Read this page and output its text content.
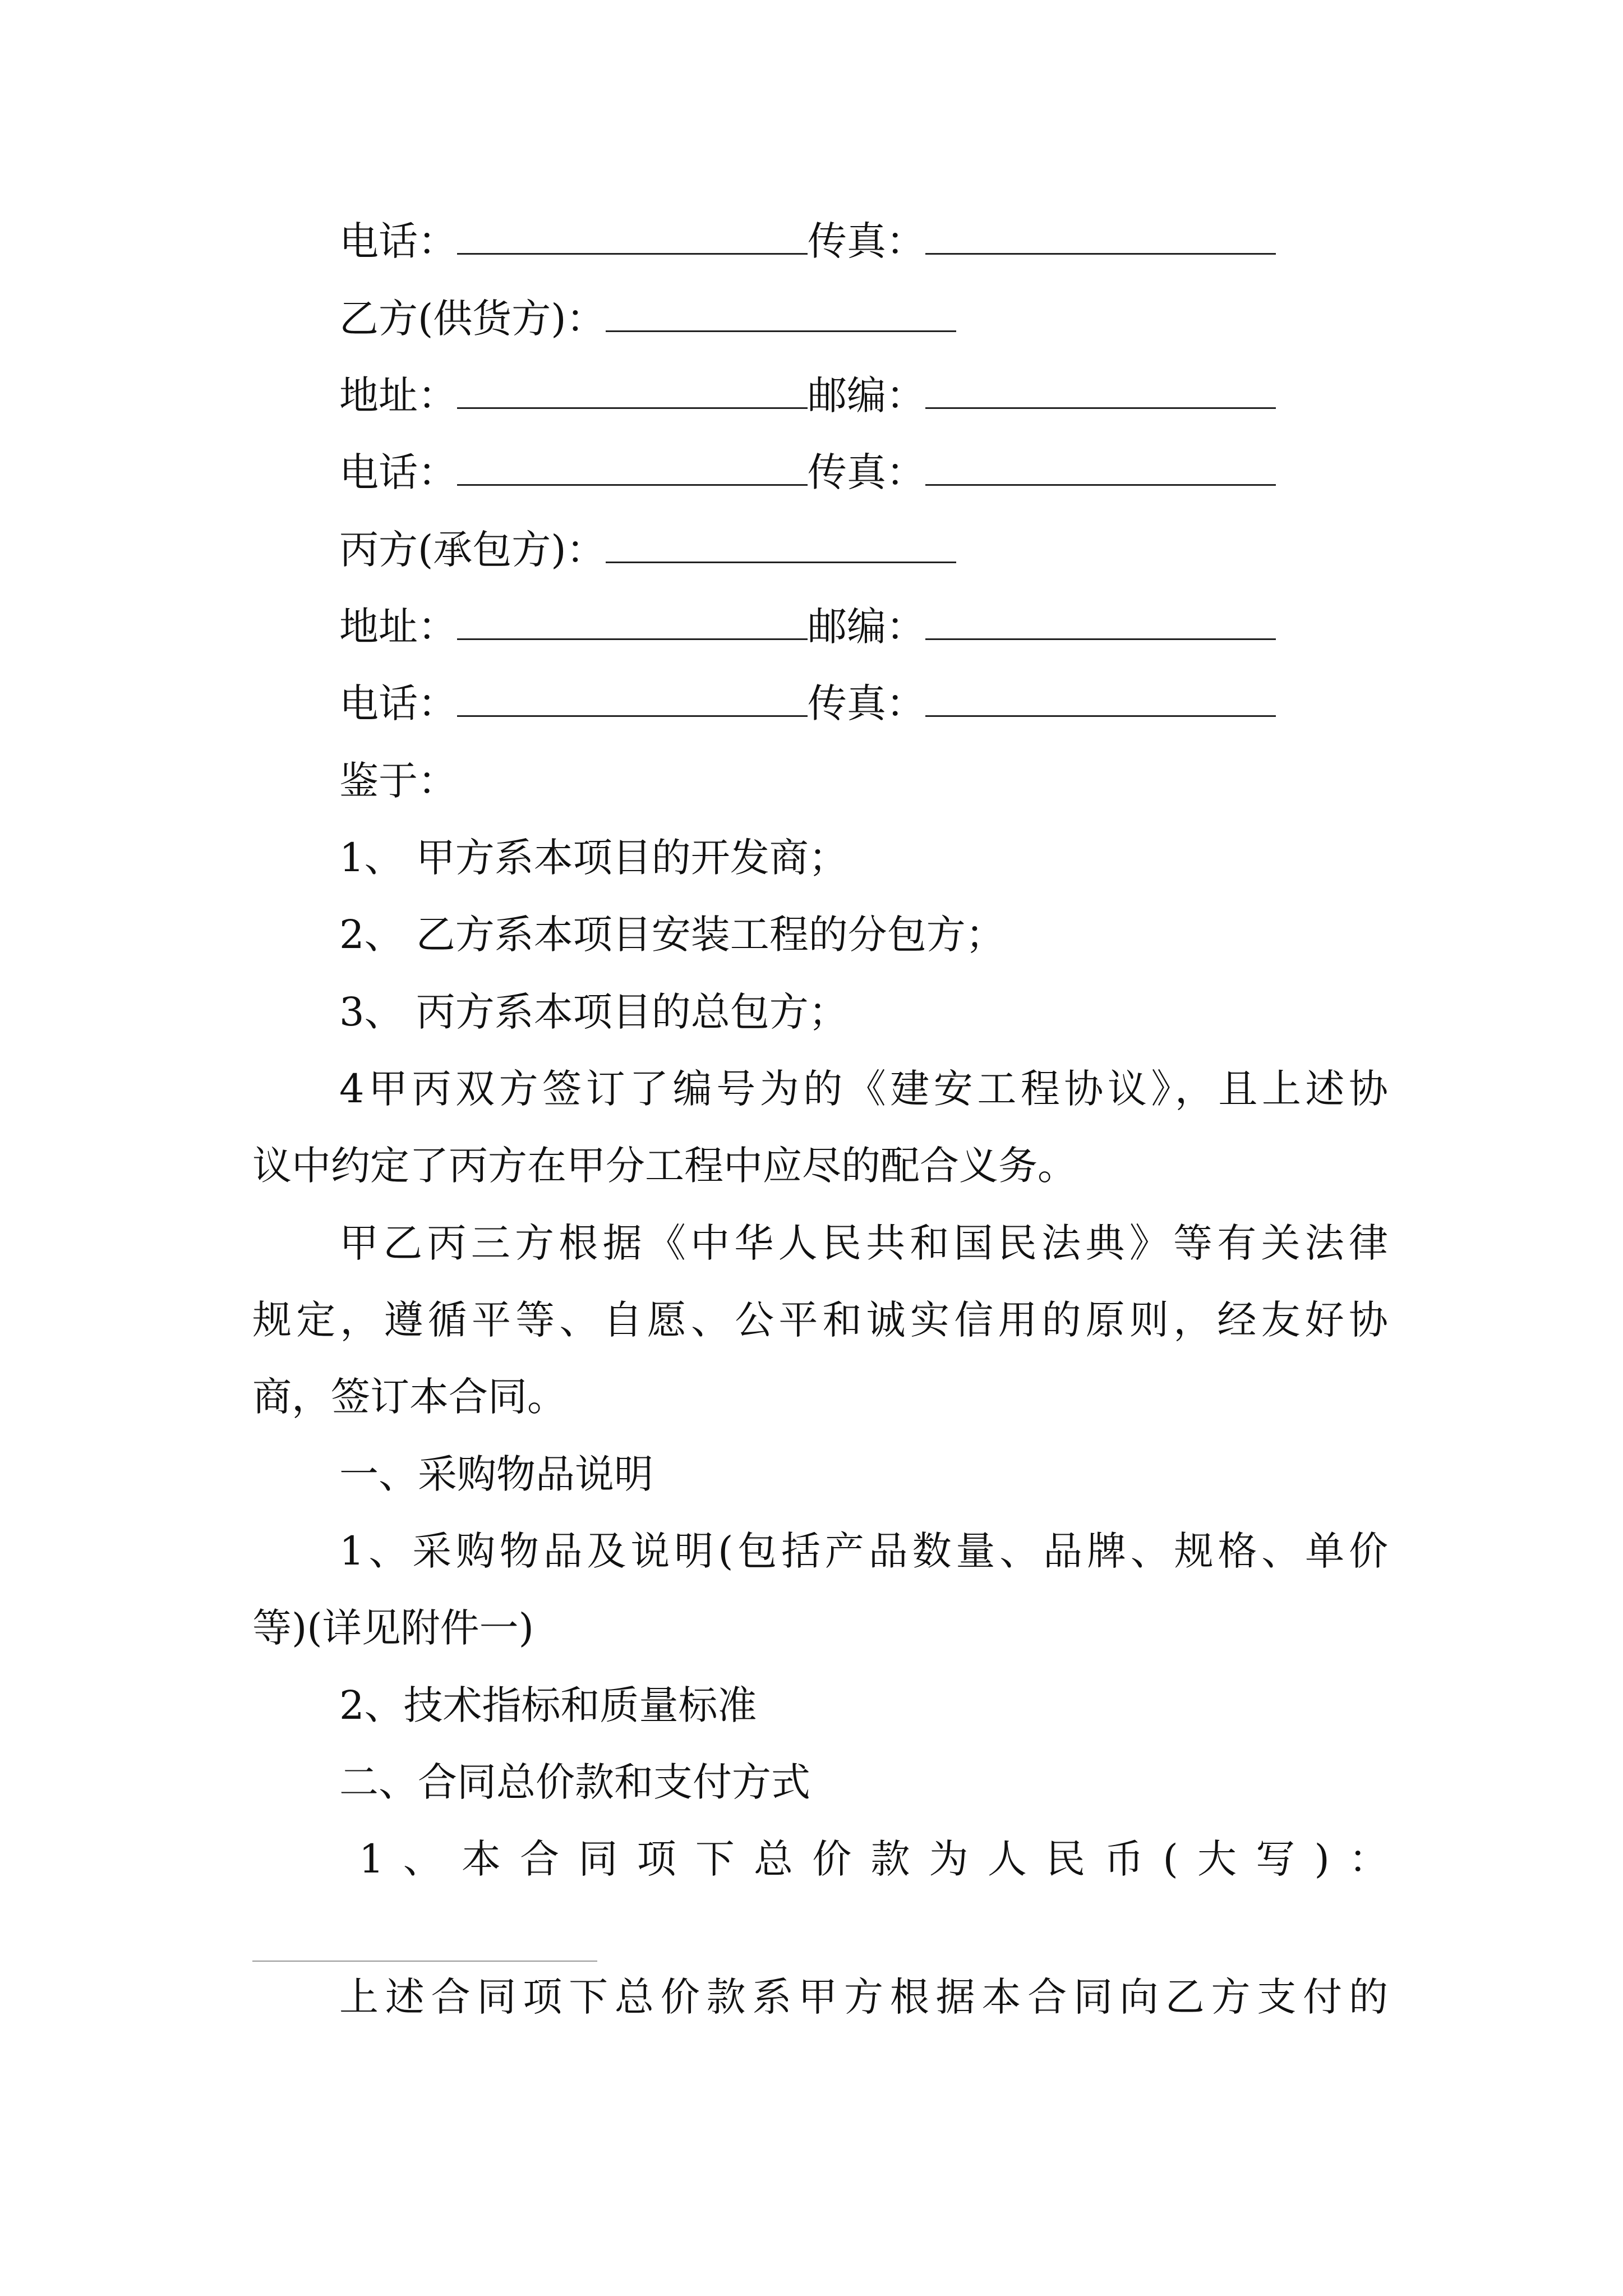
电话：	传真：
乙方(供货方)：
地址：	邮编：
电话：	传真：
丙方(承包方)：
地址：	邮编：
电话：	传真：
鉴于：
1、 甲方系本项目的开发商；
2、 乙方系本项目安装工程的分包方；
3、 丙方系本项目的总包方；
4甲丙双方签订了编号为的《建安工程协议》，且上述协
议中约定了丙方在甲分工程中应尽的配合义务。
甲乙丙三方根据《中华人民共和国民法典》等有关法律
规定，遵循平等、自愿、公平和诚实信用的原则，经友好协
商，签订本合同。
一、采购物品说明
1、采购物品及说明(包括产品数量、品牌、规格、单价
等)(详见附件一)
2、技术指标和质量标准
二、合同总价款和支付方式
1、本合同项下总价款为人民币(大写)：
上述合同项下总价款系甲方根据本合同向乙方支付的
